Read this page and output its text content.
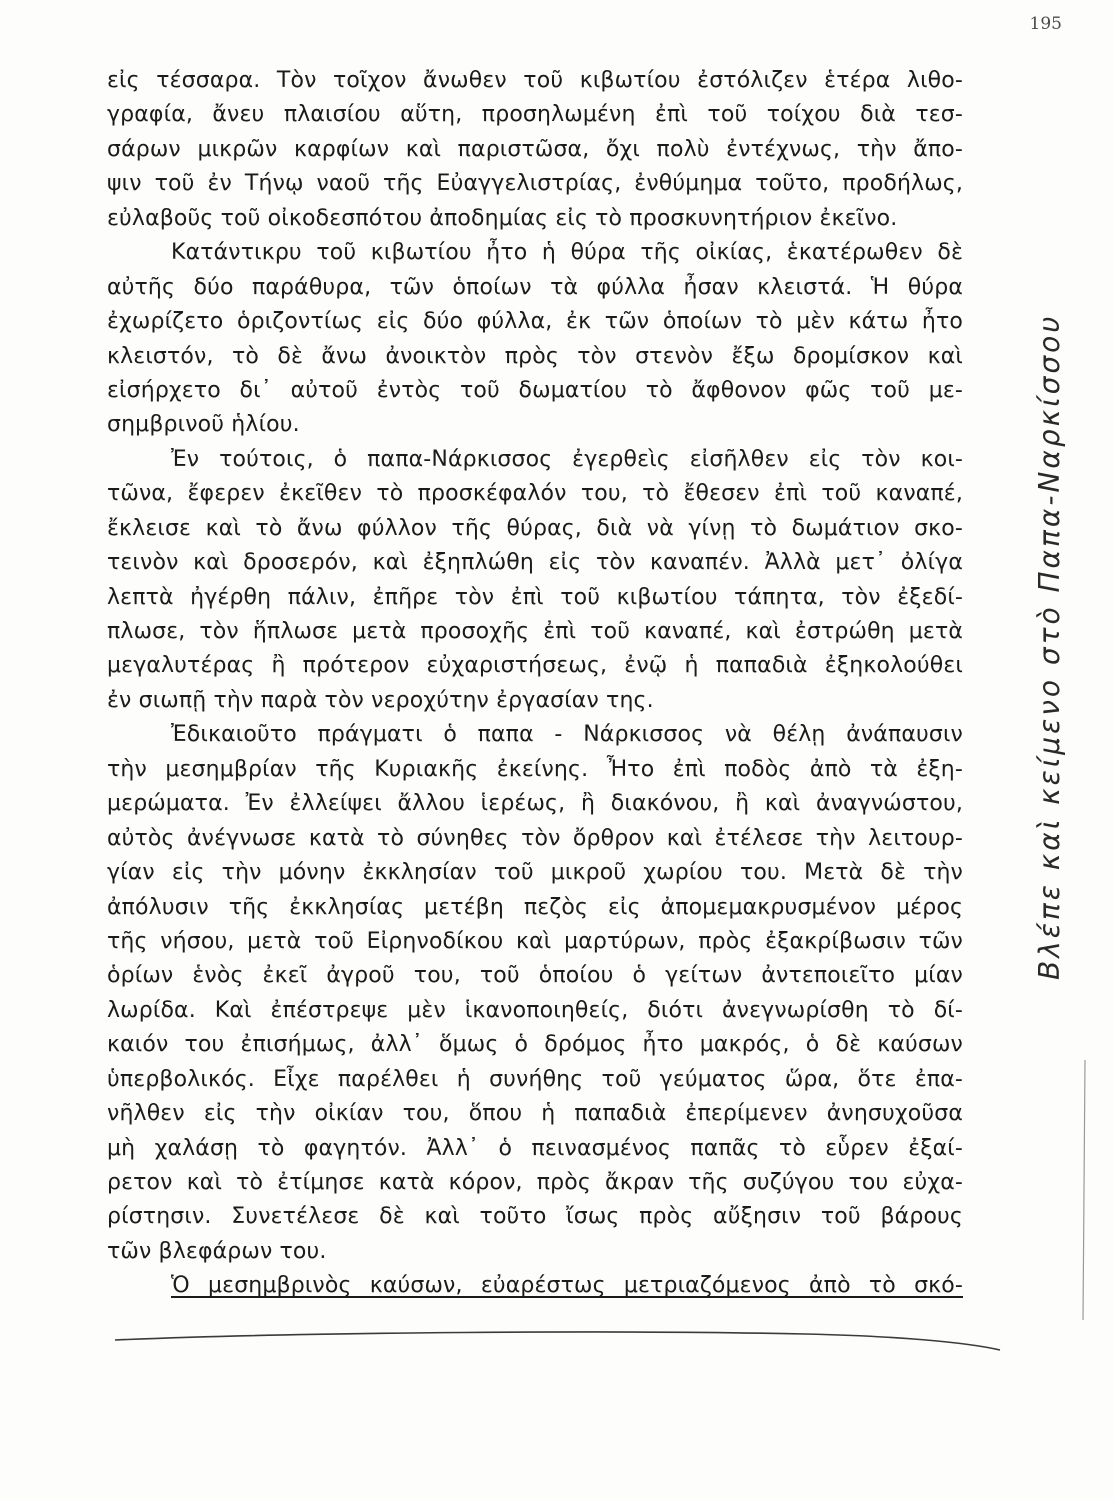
195
εἰς τέσσαρα. Τὸν τοῖχον ἄνωθεν τοῦ κιβωτίου ἐστόλιζεν ἑτέρα λιθο-
γραφία, ἄνευ πλαισίου αὕτη, προσηλωμένη ἐπὶ τοῦ τοίχου διὰ τεσ-
σάρων μικρῶν καρφίων καὶ παριστῶσα, ὄχι πολὺ ἐντέχνως, τὴν ἄπο-
ψιν τοῦ ἐν Τήνῳ ναοῦ τῆς Εὐαγγελιστρίας, ἐνθύμημα τοῦτο, προδήλως,
εὐλαβοῦς τοῦ οἰκοδεσπότου ἀποδημίας εἰς τὸ προσκυνητήριον ἐκεῖνο.
Κατάντικρυ τοῦ κιβωτίου ἦτο ἡ θύρα τῆς οἰκίας, ἑκατέρωθεν δὲ
αὐτῆς δύο παράθυρα, τῶν ὁποίων τὰ φύλλα ἦσαν κλειστά. Ἡ θύρα
ἐχωρίζετο ὁριζοντίως εἰς δύο φύλλα, ἐκ τῶν ὁποίων τὸ μὲν κάτω ἦτο
κλειστόν, τὸ δὲ ἄνω ἀνοικτὸν πρὸς τὸν στενὸν ἔξω δρομίσκον καὶ
εἰσήρχετο δι᾽ αὐτοῦ ἐντὸς τοῦ δωματίου τὸ ἄφθονον φῶς τοῦ με-
σημβρινοῦ ἡλίου.
Ἐν τούτοις, ὁ παπα-Νάρκισσος ἐγερθεὶς εἰσῆλθεν εἰς τὸν κοι-
τῶνα, ἔφερεν ἐκεῖθεν τὸ προσκέφαλόν του, τὸ ἔθεσεν ἐπὶ τοῦ καναπέ,
ἔκλεισε καὶ τὸ ἄνω φύλλον τῆς θύρας, διὰ νὰ γίνῃ τὸ δωμάτιον σκο-
τεινὸν καὶ δροσερόν, καὶ ἐξηπλώθη εἰς τὸν καναπέν. Ἀλλὰ μετ᾽ ὀλίγα
λεπτὰ ἠγέρθη πάλιν, ἐπῆρε τὸν ἐπὶ τοῦ κιβωτίου τάπητα, τὸν ἐξεδί-
πλωσε, τὸν ἥπλωσε μετὰ προσοχῆς ἐπὶ τοῦ καναπέ, καὶ ἐστρώθη μετὰ
μεγαλυτέρας ἢ πρότερον εὐχαριστήσεως, ἐνῷ ἡ παπαδιὰ ἐξηκολούθει
ἐν σιωπῇ τὴν παρὰ τὸν νεροχύτην ἐργασίαν της.
Ἐδικαιοῦτο πράγματι ὁ παπα - Νάρκισσος νὰ θέλῃ ἀνάπαυσιν
τὴν μεσημβρίαν τῆς Κυριακῆς ἐκείνης. Ἦτο ἐπὶ ποδὸς ἀπὸ τὰ ἐξη-
μερώματα. Ἐν ἐλλείψει ἄλλου ἱερέως, ἢ διακόνου, ἢ καὶ ἀναγνώστου,
αὐτὸς ἀνέγνωσε κατὰ τὸ σύνηθες τὸν ὄρθρον καὶ ἐτέλεσε τὴν λειτουρ-
γίαν εἰς τὴν μόνην ἐκκλησίαν τοῦ μικροῦ χωρίου του. Μετὰ δὲ τὴν
ἀπόλυσιν τῆς ἐκκλησίας μετέβη πεζὸς εἰς ἀπομεμακρυσμένον μέρος
τῆς νήσου, μετὰ τοῦ Εἰρηνοδίκου καὶ μαρτύρων, πρὸς ἐξακρίβωσιν τῶν
ὁρίων ἑνὸς ἐκεῖ ἀγροῦ του, τοῦ ὁποίου ὁ γείτων ἀντεποιεῖτο μίαν
λωρίδα. Καὶ ἐπέστρεψε μὲν ἱκανοποιηθείς, διότι ἀνεγνωρίσθη τὸ δί-
καιόν του ἐπισήμως, ἀλλ᾽ ὅμως ὁ δρόμος ἦτο μακρός, ὁ δὲ καύσων
ὑπερβολικός. Εἶχε παρέλθει ἡ συνήθης τοῦ γεύματος ὥρα, ὅτε ἐπα-
νῆλθεν εἰς τὴν οἰκίαν του, ὅπου ἡ παπαδιὰ ἐπερίμενεν ἀνησυχοῦσα
μὴ χαλάσῃ τὸ φαγητόν. Ἀλλ᾽ ὁ πεινασμένος παπᾶς τὸ εὗρεν ἐξαί-
ρετον καὶ τὸ ἐτίμησε κατὰ κόρον, πρὸς ἄκραν τῆς συζύγου του εὐχα-
ρίστησιν. Συνετέλεσε δὲ καὶ τοῦτο ἴσως πρὸς αὔξησιν τοῦ βάρους
τῶν βλεφάρων του.
Ὁ μεσημβρινὸς καύσων, εὐαρέστως μετριαζόμενος ἀπὸ τὸ σκό-
Βλέπε καὶ κείμενο στὸ Παπα-Ναρκίσσου
